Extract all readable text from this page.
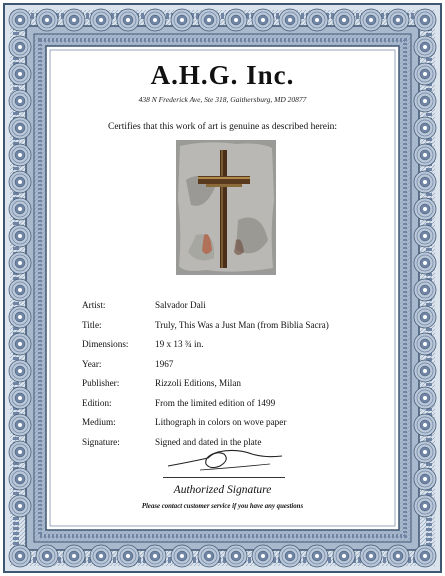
A.H.G. Inc.
438 N Frederick Ave, Ste 318, Gaithersburg, MD 20877
Certifies that this work of art is genuine as described herein:
Artist:	Salvador Dali
Title:	Truly, This Was a Just Man (from Biblia Sacra)
Dimensions:	19 x 13 ¾ in.
Year:	1967
Publisher:	Rizzoli Editions, Milan
Edition:	From the limited edition of 1499
Medium:	Lithograph in colors on wove paper
Signature:	Signed and dated in the plate
Authorized Signature
Please contact customer service if you have any questions
